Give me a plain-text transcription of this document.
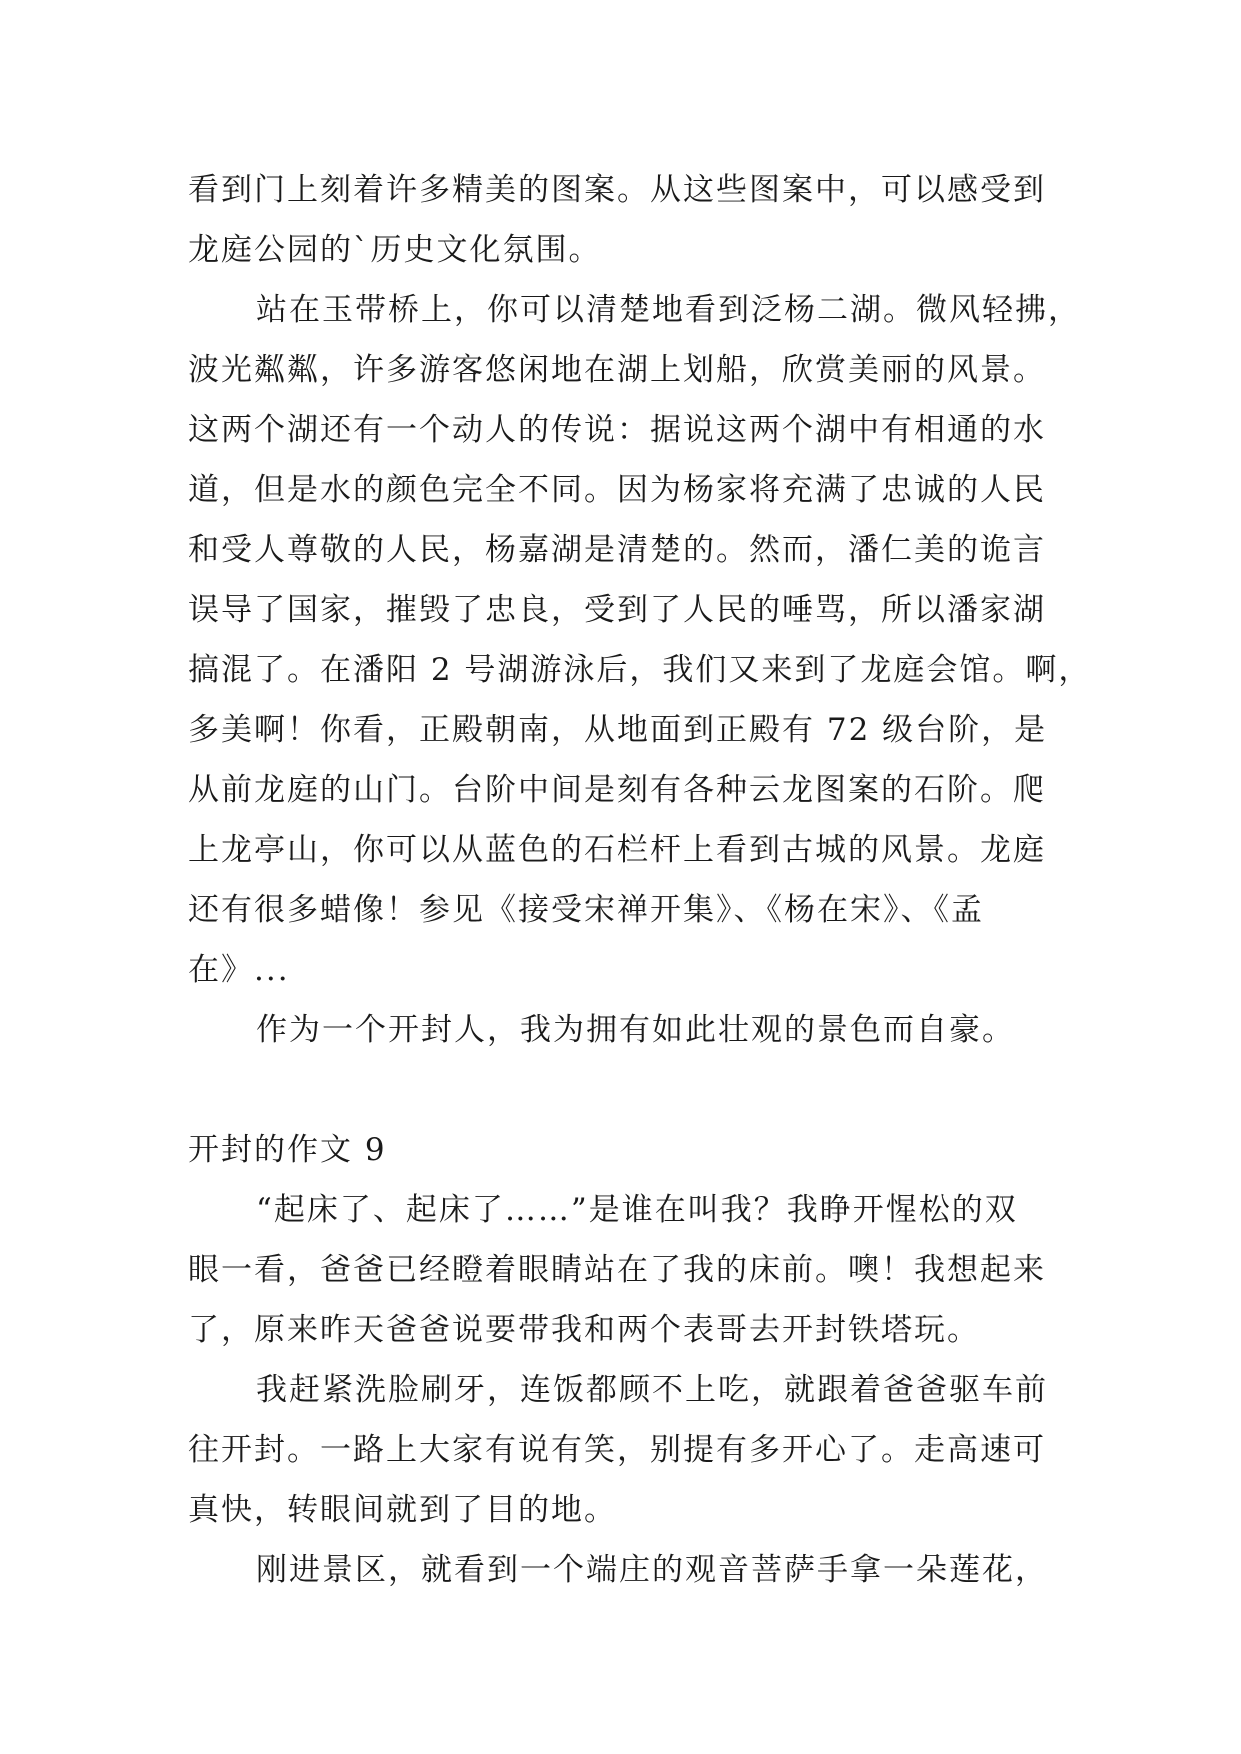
看到门上刻着许多精美的图案。从这些图案中，可以感受到
龙庭公园的`历史文化氛围。
站在玉带桥上，你可以清楚地看到泛杨二湖。微风轻拂，
波光粼粼，许多游客悠闲地在湖上划船，欣赏美丽的风景。
这两个湖还有一个动人的传说：据说这两个湖中有相通的水
道，但是水的颜色完全不同。因为杨家将充满了忠诚的人民
和受人尊敬的人民，杨嘉湖是清楚的。然而，潘仁美的诡言
误导了国家，摧毁了忠良，受到了人民的唾骂，所以潘家湖
搞混了。在潘阳 2 号湖游泳后，我们又来到了龙庭会馆。啊，
多美啊！你看，正殿朝南，从地面到正殿有 72 级台阶，是
从前龙庭的山门。台阶中间是刻有各种云龙图案的石阶。爬
上龙亭山，你可以从蓝色的石栏杆上看到古城的风景。龙庭
还有很多蜡像！参见《接受宋禅开集》、《杨在宋》、《孟
在》...
作为一个开封人，我为拥有如此壮观的景色而自豪。
开封的作文 9
“起床了、起床了……”是谁在叫我？我睁开惺松的双
眼一看，爸爸已经瞪着眼睛站在了我的床前。噢！我想起来
了，原来昨天爸爸说要带我和两个表哥去开封铁塔玩。
我赶紧洗脸刷牙，连饭都顾不上吃，就跟着爸爸驱车前
往开封。一路上大家有说有笑，别提有多开心了。走高速可
真快，转眼间就到了目的地。
刚进景区，就看到一个端庄的观音菩萨手拿一朵莲花，
